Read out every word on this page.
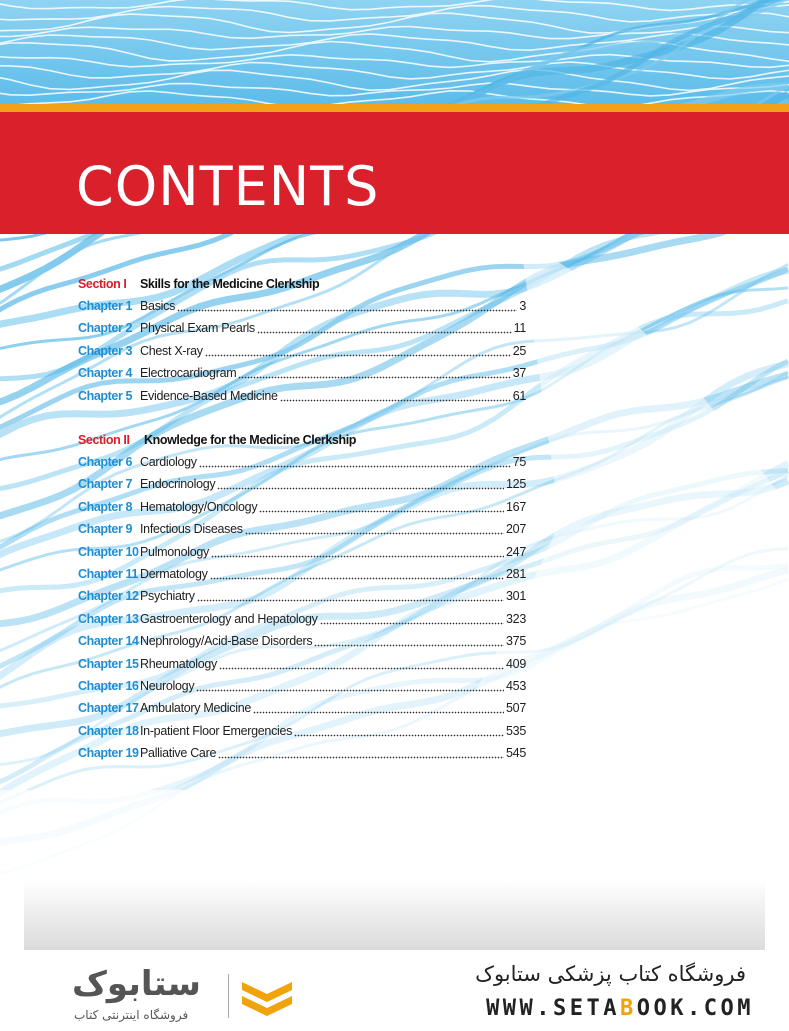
CONTENTS
Section I	Skills for the Medicine Clerkship
Chapter 1 Basics	3
Chapter 2 Physical Exam Pearls	11
Chapter 3 Chest X-ray	25
Chapter 4 Electrocardiogram	37
Chapter 5 Evidence-Based Medicine	61
Section II	Knowledge for the Medicine Clerkship
Chapter 6 Cardiology	75
Chapter 7 Endocrinology	125
Chapter 8 Hematology/Oncology	167
Chapter 9 Infectious Diseases	207
Chapter 10 Pulmonology	247
Chapter 11 Dermatology	281
Chapter 12 Psychiatry	301
Chapter 13 Gastroenterology and Hepatology	323
Chapter 14 Nephrology/Acid-Base Disorders	375
Chapter 15 Rheumatology	409
Chapter 16 Neurology	453
Chapter 17 Ambulatory Medicine	507
Chapter 18 In-patient Floor Emergencies	535
Chapter 19 Palliative Care	545
ستابوک
فروشگاه اینترنتی کتاب
فروشگاه کتاب پزشکی ستابوک
WWW.SETABOOK.COM
